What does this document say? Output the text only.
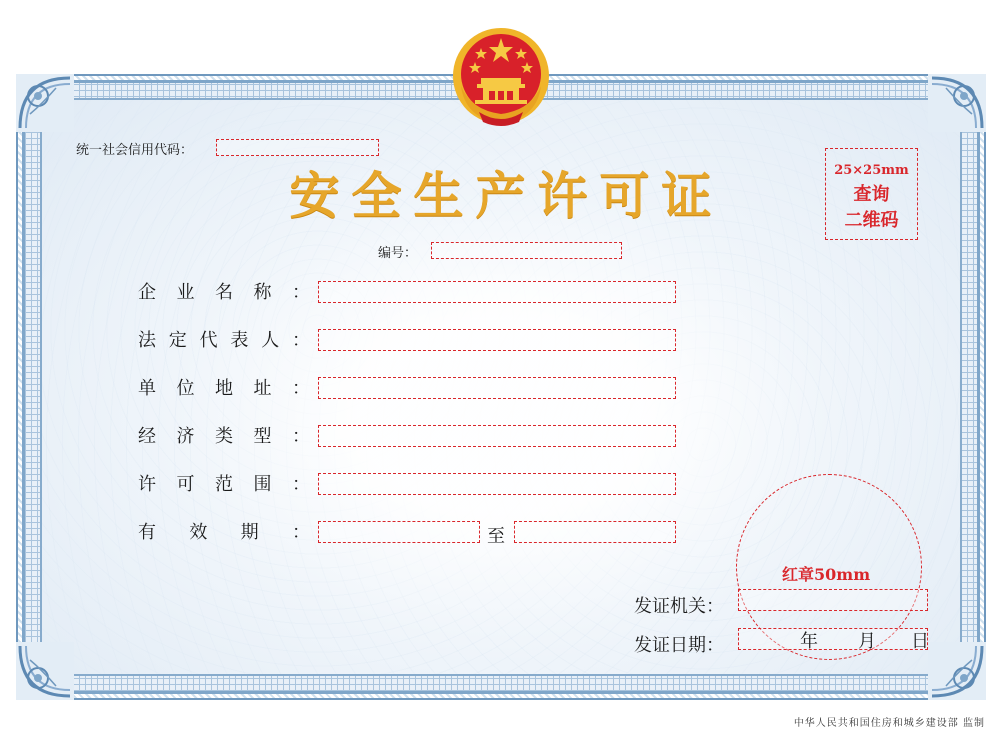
统一社会信用代码：
安全生产许可证
编号：
25×25mm
查询
二维码
企 业 名 称 ：
法 定 代 表 人 ：
单 位 地 址 ：
经 济 类 型 ：
许 可 范 围 ：
有 效 期 ：	至
红章50mm
发证机关：
发证日期：	年 月 日
中华人民共和国住房和城乡建设部 监制
